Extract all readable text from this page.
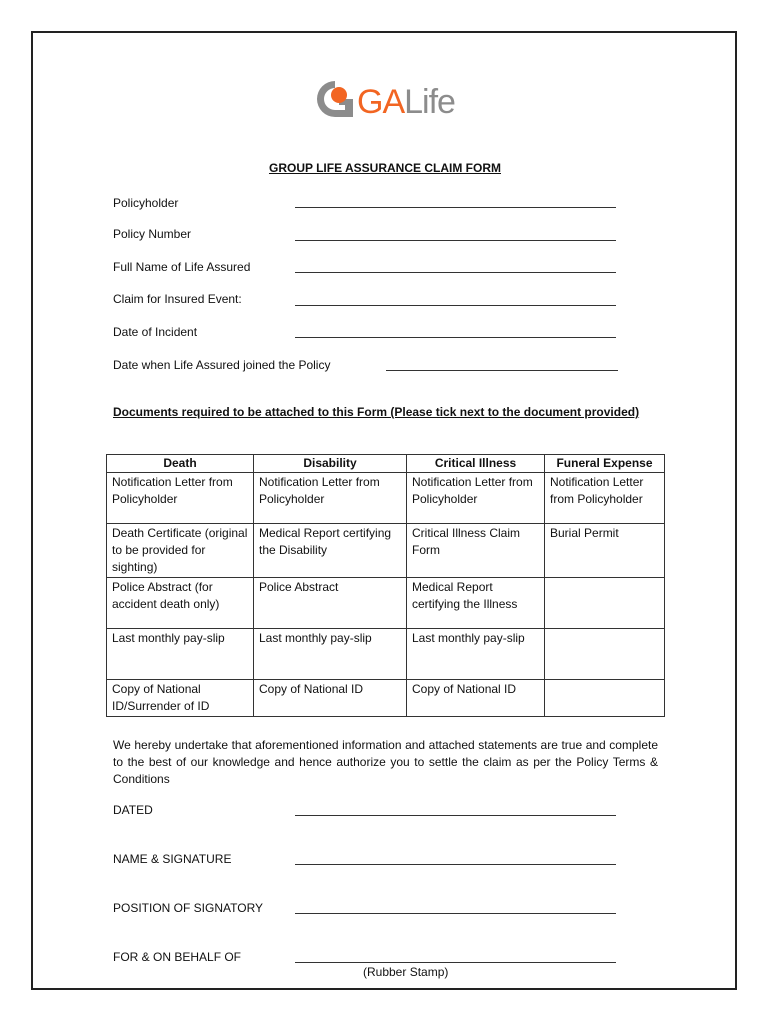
GALife
GROUP LIFE ASSURANCE CLAIM FORM
Policyholder
Policy Number
Full Name of Life Assured
Claim for Insured Event:
Date of Incident
Date when Life Assured joined the Policy
Documents required to be attached to this Form (Please tick next to the document provided)
Death	Disability	Critical Illness	Funeral Expense
Notification Letter from Policyholder	Notification Letter from Policyholder	Notification Letter from Policyholder	Notification Letter from Policyholder
Death Certificate (original to be provided for sighting)	Medical Report certifying the Disability	Critical Illness Claim Form	Burial Permit
Police Abstract (for accident death only)	Police Abstract	Medical Report certifying the Illness	
Last monthly pay-slip	Last monthly pay-slip	Last monthly pay-slip	
Copy of National ID/Surrender of ID	Copy of National ID	Copy of National ID	
We hereby undertake that aforementioned information and attached statements are true and complete to the best of our knowledge and hence authorize you to settle the claim as per the Policy Terms & Conditions
DATED
NAME & SIGNATURE
POSITION OF SIGNATORY
FOR & ON BEHALF OF
(Rubber Stamp)
